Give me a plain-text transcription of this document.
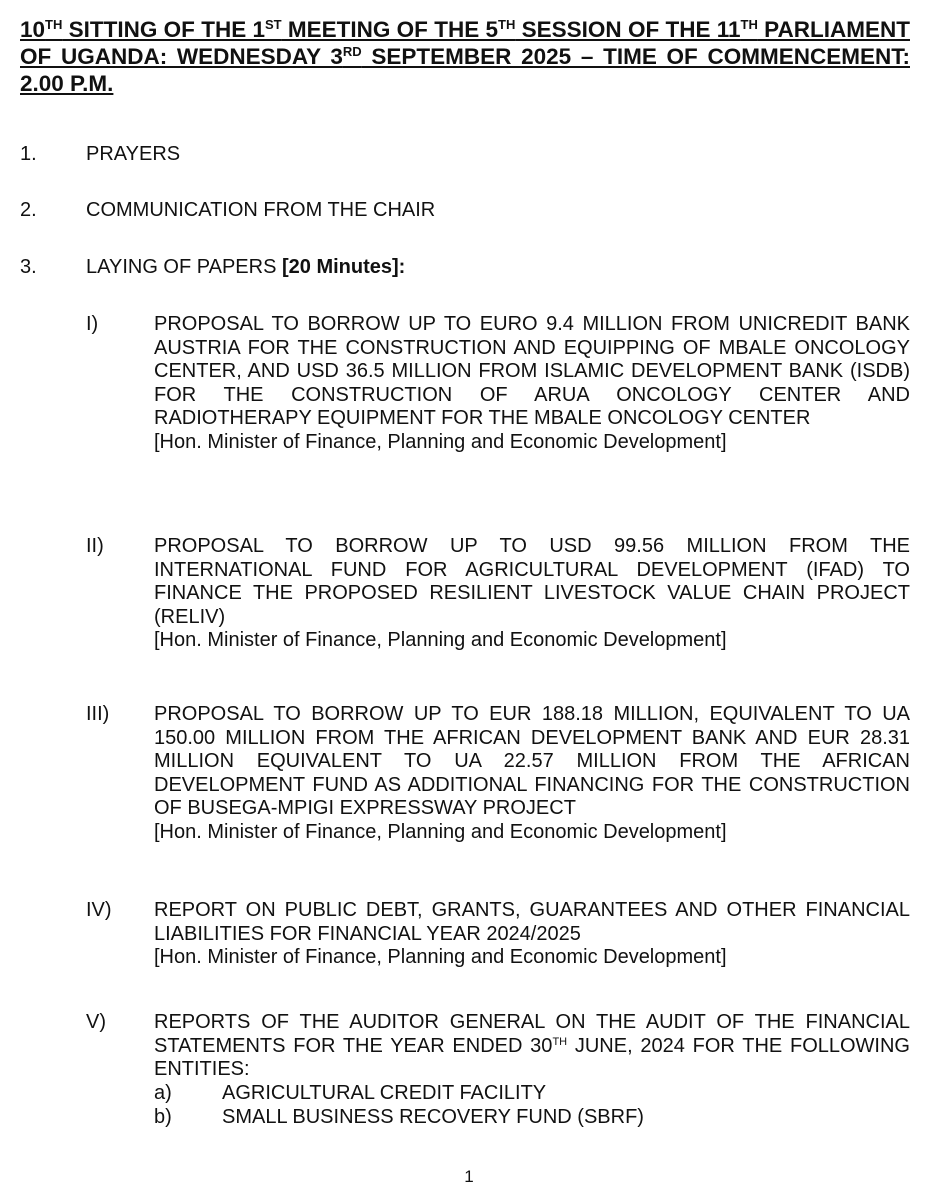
10TH SITTING OF THE 1ST MEETING OF THE 5TH SESSION OF THE 11TH PARLIAMENT OF UGANDA: WEDNESDAY 3RD SEPTEMBER 2025 – TIME OF COMMENCEMENT: 2.00 P.M.
1. PRAYERS
2. COMMUNICATION FROM THE CHAIR
3. LAYING OF PAPERS [20 Minutes]:
I)	PROPOSAL TO BORROW UP TO EURO 9.4 MILLION FROM UNICREDIT BANK AUSTRIA FOR THE CONSTRUCTION AND EQUIPPING OF MBALE ONCOLOGY CENTER, AND USD 36.5 MILLION FROM ISLAMIC DEVELOPMENT BANK (ISDB) FOR THE CONSTRUCTION OF ARUA ONCOLOGY CENTER AND RADIOTHERAPY EQUIPMENT FOR THE MBALE ONCOLOGY CENTER
[Hon. Minister of Finance, Planning and Economic Development]
II)	PROPOSAL TO BORROW UP TO USD 99.56 MILLION FROM THE INTERNATIONAL FUND FOR AGRICULTURAL DEVELOPMENT (IFAD) TO FINANCE THE PROPOSED RESILIENT LIVESTOCK VALUE CHAIN PROJECT (RELIV)
[Hon. Minister of Finance, Planning and Economic Development]
III) PROPOSAL TO BORROW UP TO EUR 188.18 MILLION, EQUIVALENT TO UA 150.00 MILLION FROM THE AFRICAN DEVELOPMENT BANK AND EUR 28.31 MILLION EQUIVALENT TO UA 22.57 MILLION FROM THE AFRICAN DEVELOPMENT FUND AS ADDITIONAL FINANCING FOR THE CONSTRUCTION OF BUSEGA-MPIGI EXPRESSWAY PROJECT
[Hon. Minister of Finance, Planning and Economic Development]
IV) REPORT ON PUBLIC DEBT, GRANTS, GUARANTEES AND OTHER FINANCIAL LIABILITIES FOR FINANCIAL YEAR 2024/2025
[Hon. Minister of Finance, Planning and Economic Development]
V) REPORTS OF THE AUDITOR GENERAL ON THE AUDIT OF THE FINANCIAL STATEMENTS FOR THE YEAR ENDED 30TH JUNE, 2024 FOR THE FOLLOWING ENTITIES:
a)	AGRICULTURAL CREDIT FACILITY
b)	SMALL BUSINESS RECOVERY FUND (SBRF)
1
